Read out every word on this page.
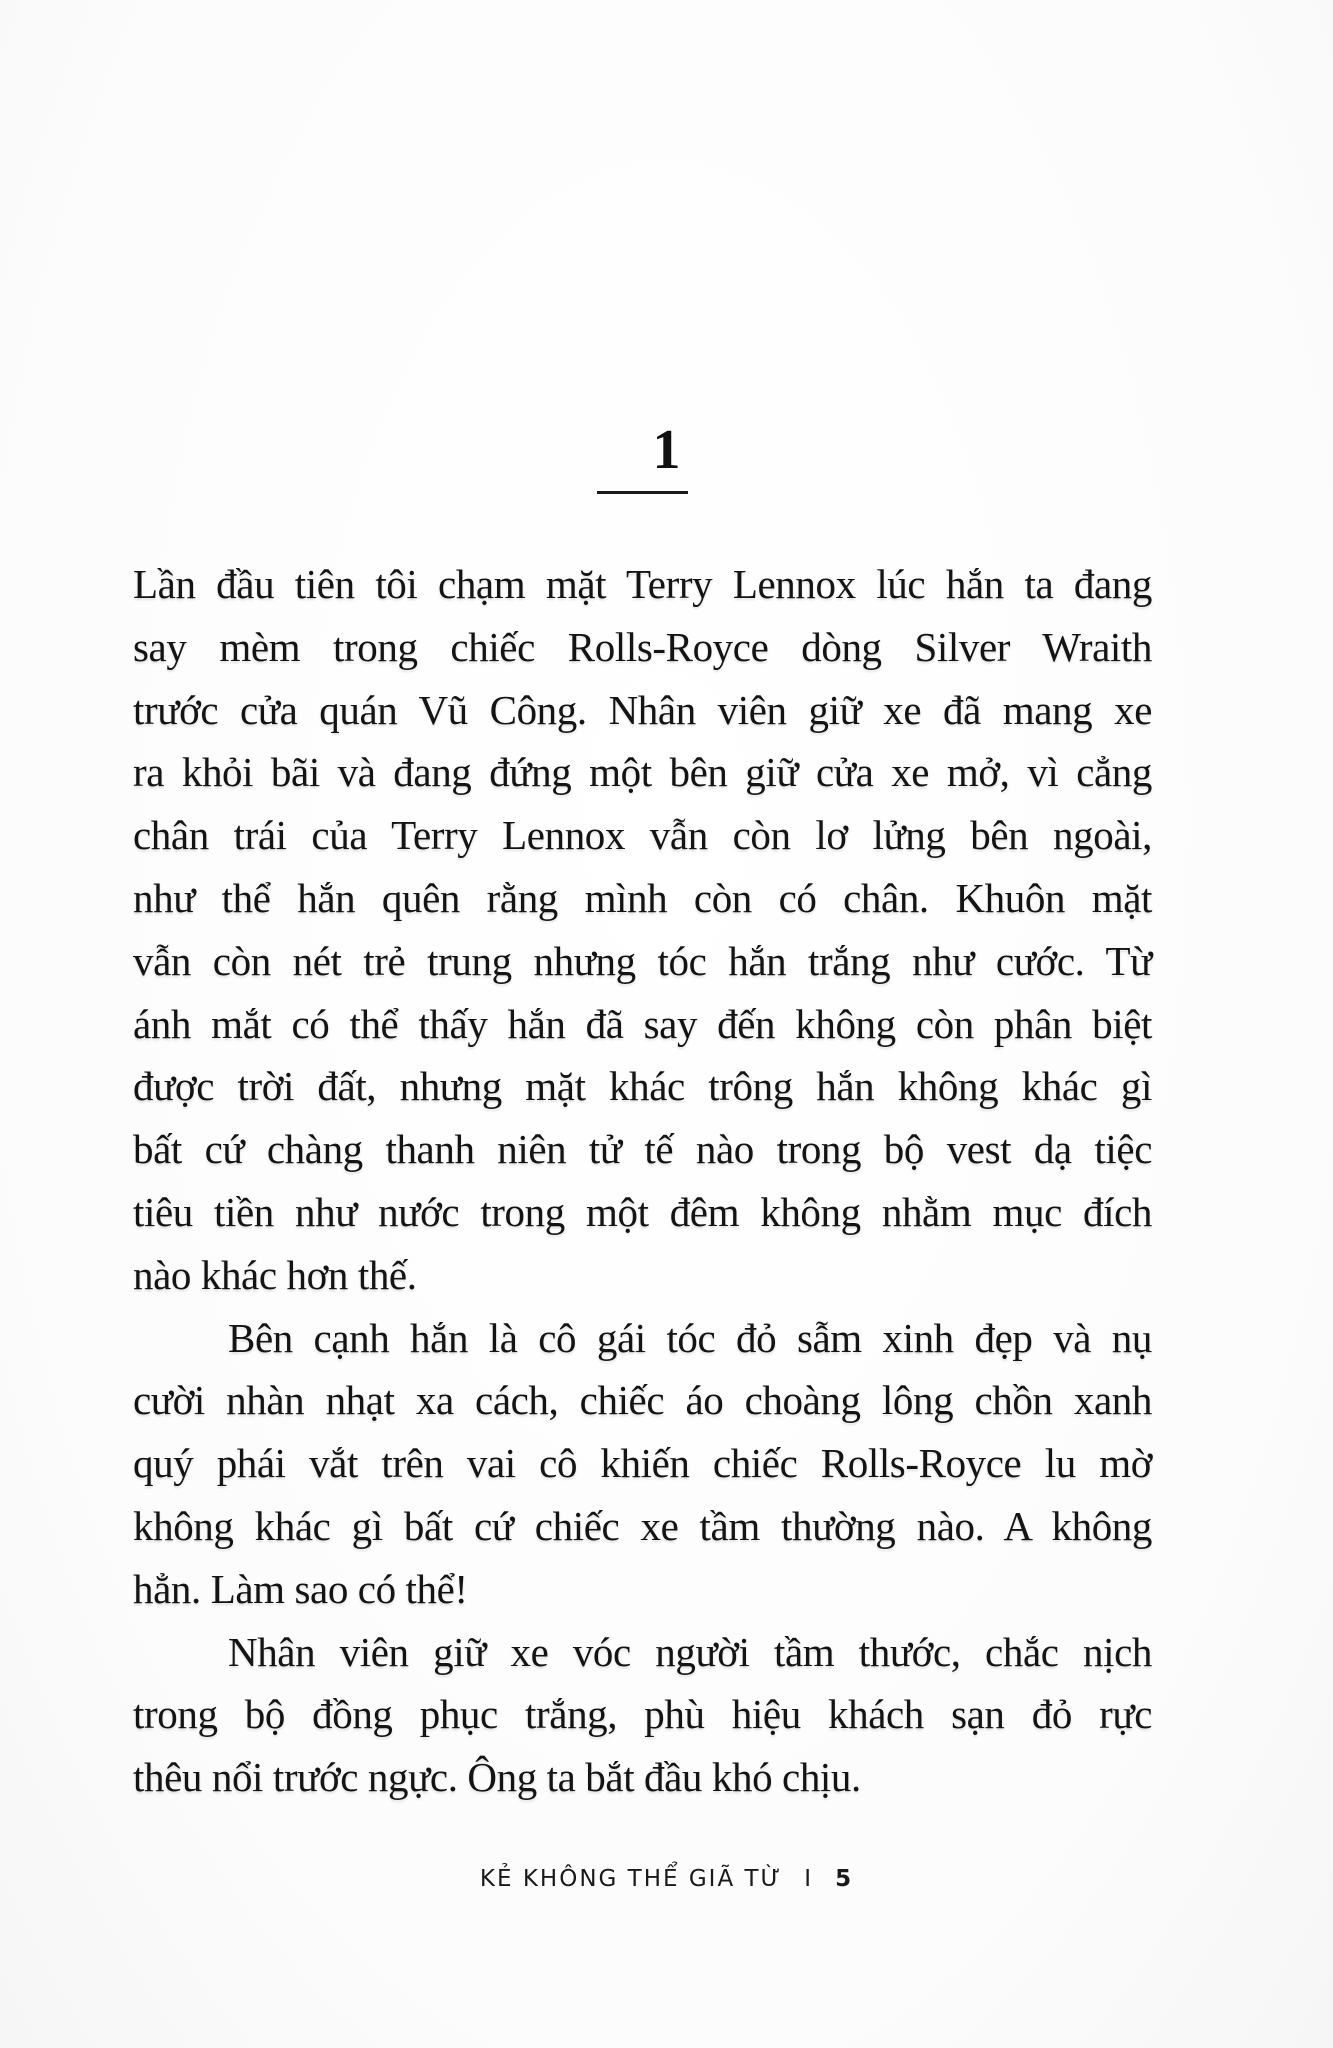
1
Lần đầu tiên tôi chạm mặt Terry Lennox lúc hắn ta đang
say mèm trong chiếc Rolls-Royce dòng Silver Wraith
trước cửa quán Vũ Công. Nhân viên giữ xe đã mang xe
ra khỏi bãi và đang đứng một bên giữ cửa xe mở, vì cẳng
chân trái của Terry Lennox vẫn còn lơ lửng bên ngoài,
như thể hắn quên rằng mình còn có chân. Khuôn mặt
vẫn còn nét trẻ trung nhưng tóc hắn trắng như cước. Từ
ánh mắt có thể thấy hắn đã say đến không còn phân biệt
được trời đất, nhưng mặt khác trông hắn không khác gì
bất cứ chàng thanh niên tử tế nào trong bộ vest dạ tiệc
tiêu tiền như nước trong một đêm không nhằm mục đích
nào khác hơn thế.
Bên cạnh hắn là cô gái tóc đỏ sẫm xinh đẹp và nụ
cười nhàn nhạt xa cách, chiếc áo choàng lông chồn xanh
quý phái vắt trên vai cô khiến chiếc Rolls-Royce lu mờ
không khác gì bất cứ chiếc xe tầm thường nào. A không
hẳn. Làm sao có thể!
Nhân viên giữ xe vóc người tầm thước, chắc nịch
trong bộ đồng phục trắng, phù hiệu khách sạn đỏ rực
thêu nổi trước ngực. Ông ta bắt đầu khó chịu.
KẺ KHÔNG THỂ GIÃ TỪ I 5
